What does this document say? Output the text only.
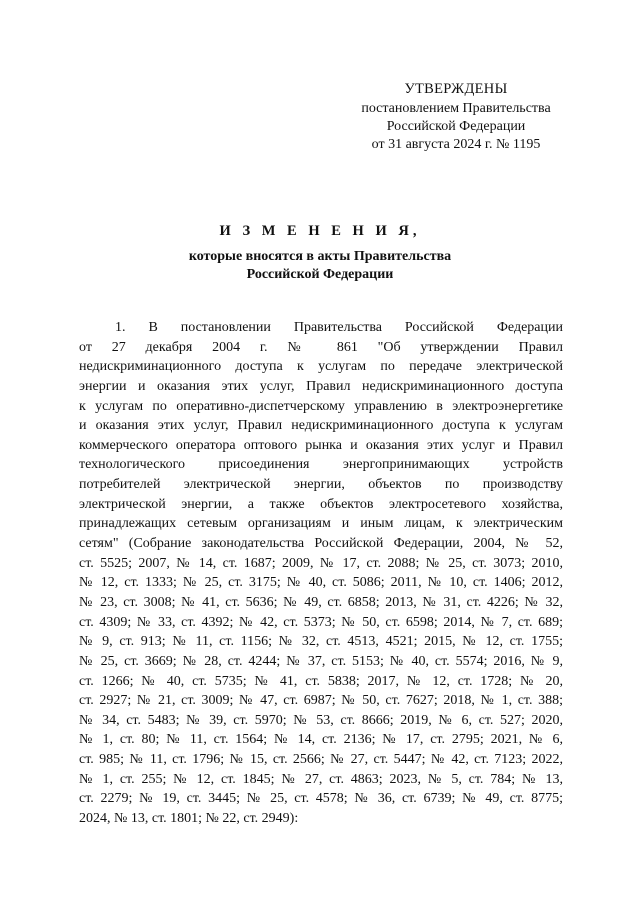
УТВЕРЖДЕНЫ
постановлением Правительства
Российской Федерации
от 31 августа 2024 г. № 1195
И З М Е Н Е Н И Я,
которые вносятся в акты Правительства
Российской Федерации

1. В постановлении Правительства Российской Федерации
от 27 декабря 2004 г. № 861 "Об утверждении Правил
недискриминационного доступа к услугам по передаче электрической
энергии и оказания этих услуг, Правил недискриминационного доступа
к услугам по оперативно-диспетчерскому управлению в электроэнергетике
и оказания этих услуг, Правил недискриминационного доступа к услугам
коммерческого оператора оптового рынка и оказания этих услуг и Правил
технологического присоединения энергопринимающих устройств
потребителей электрической энергии, объектов по производству
электрической энергии, а также объектов электросетевого хозяйства,
принадлежащих сетевым организациям и иным лицам, к электрическим
сетям" (Собрание законодательства Российской Федерации, 2004, № 52,
ст. 5525; 2007, № 14, ст. 1687; 2009, № 17, ст. 2088; № 25, ст. 3073; 2010,
№ 12, ст. 1333; № 25, ст. 3175; № 40, ст. 5086; 2011, № 10, ст. 1406; 2012,
№ 23, ст. 3008; № 41, ст. 5636; № 49, ст. 6858; 2013, № 31, ст. 4226; № 32,
ст. 4309; № 33, ст. 4392; № 42, ст. 5373; № 50, ст. 6598; 2014, № 7, ст. 689;
№ 9, ст. 913; № 11, ст. 1156; № 32, ст. 4513, 4521; 2015, № 12, ст. 1755;
№ 25, ст. 3669; № 28, ст. 4244; № 37, ст. 5153; № 40, ст. 5574; 2016, № 9,
ст. 1266; № 40, ст. 5735; № 41, ст. 5838; 2017, № 12, ст. 1728; № 20,
ст. 2927; № 21, ст. 3009; № 47, ст. 6987; № 50, ст. 7627; 2018, № 1, ст. 388;
№ 34, ст. 5483; № 39, ст. 5970; № 53, ст. 8666; 2019, № 6, ст. 527; 2020,
№ 1, ст. 80; № 11, ст. 1564; № 14, ст. 2136; № 17, ст. 2795; 2021, № 6,
ст. 985; № 11, ст. 1796; № 15, ст. 2566; № 27, ст. 5447; № 42, ст. 7123; 2022,
№ 1, ст. 255; № 12, ст. 1845; № 27, ст. 4863; 2023, № 5, ст. 784; № 13,
ст. 2279; № 19, ст. 3445; № 25, ст. 4578; № 36, ст. 6739; № 49, ст. 8775;
2024, № 13, ст. 1801; № 22, ст. 2949):
